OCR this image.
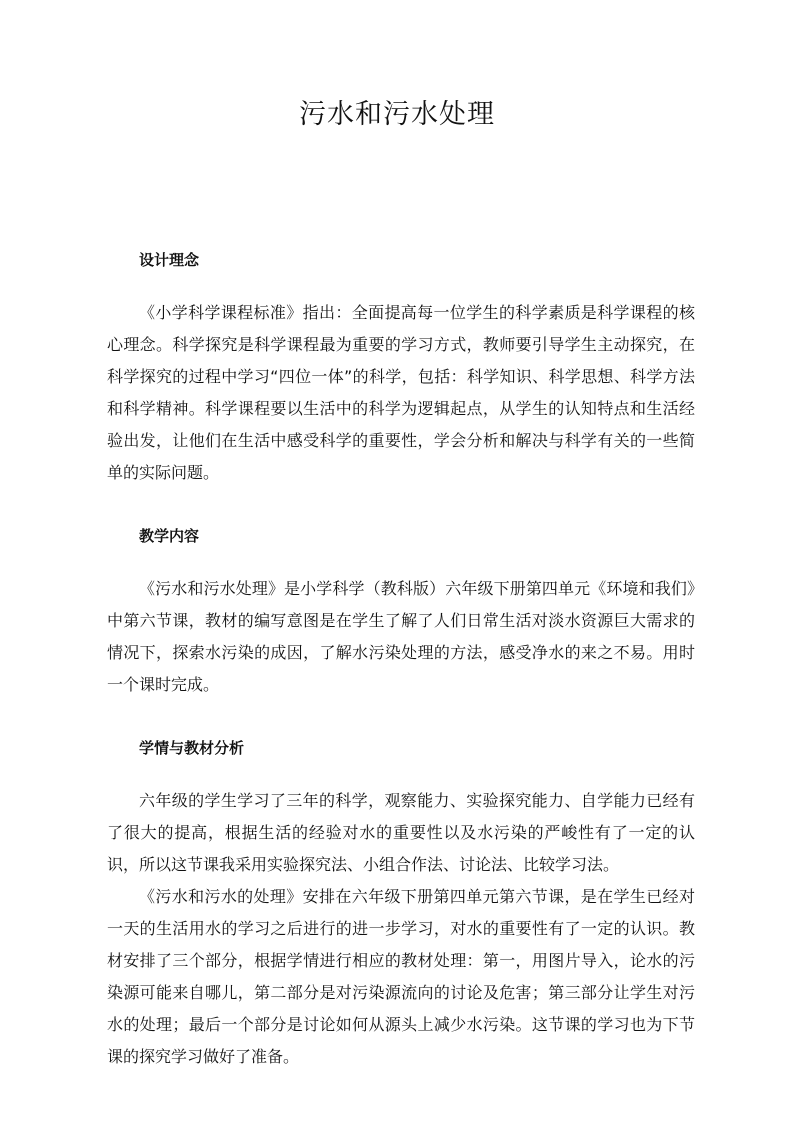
污水和污水处理
设计理念

《小学科学课程标准》指出：全面提高每一位学生的科学素质是科学课程的核心理念。科学探究是科学课程最为重要的学习方式，教师要引导学生主动探究，在科学探究的过程中学习“四位一体”的科学，包括：科学知识、科学思想、科学方法和科学精神。科学课程要以生活中的科学为逻辑起点，从学生的认知特点和生活经验出发，让他们在生活中感受科学的重要性，学会分析和解决与科学有关的一些简单的实际问题。

教学内容

《污水和污水处理》是小学科学（教科版）六年级下册第四单元《环境和我们》中第六节课，教材的编写意图是在学生了解了人们日常生活对淡水资源巨大需求的情况下，探索水污染的成因，了解水污染处理的方法，感受净水的来之不易。用时一个课时完成。

学情与教材分析

六年级的学生学习了三年的科学，观察能力、实验探究能力、自学能力已经有了很大的提高，根据生活的经验对水的重要性以及水污染的严峻性有了一定的认识，所以这节课我采用实验探究法、小组合作法、讨论法、比较学习法。

《污水和污水的处理》安排在六年级下册第四单元第六节课，是在学生已经对一天的生活用水的学习之后进行的进一步学习，对水的重要性有了一定的认识。教材安排了三个部分，根据学情进行相应的教材处理：第一，用图片导入，论水的污染源可能来自哪儿，第二部分是对污染源流向的讨论及危害；第三部分让学生对污水的处理；最后一个部分是讨论如何从源头上减少水污染。这节课的学习也为下节课的探究学习做好了准备。
